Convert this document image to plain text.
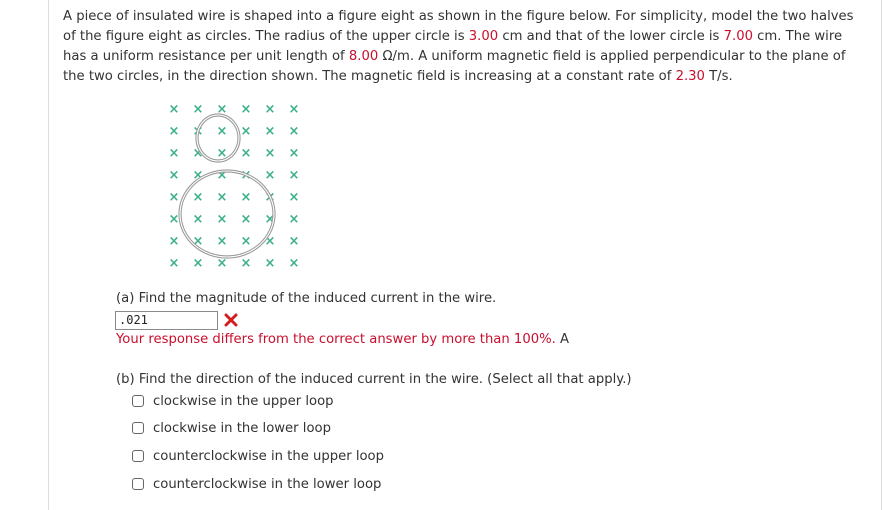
A piece of insulated wire is shaped into a figure eight as shown in the figure below. For simplicity, model the two halves of the figure eight as circles. The radius of the upper circle is 3.00 cm and that of the lower circle is 7.00 cm. The wire has a uniform resistance per unit length of 8.00 Ω/m. A uniform magnetic field is applied perpendicular to the plane of the two circles, in the direction shown. The magnetic field is increasing at a constant rate of 2.30 T/s.
× × × × × ×
× × × × × ×
× × × × × ×
× × × × × ×
× × × × × ×
× × × × × ×
× × × × × ×
× × × × × ×
(a) Find the magnitude of the induced current in the wire.
.021
Your response differs from the correct answer by more than 100%. A
(b) Find the direction of the induced current in the wire. (Select all that apply.)
clockwise in the upper loop
clockwise in the lower loop
counterclockwise in the upper loop
counterclockwise in the lower loop
